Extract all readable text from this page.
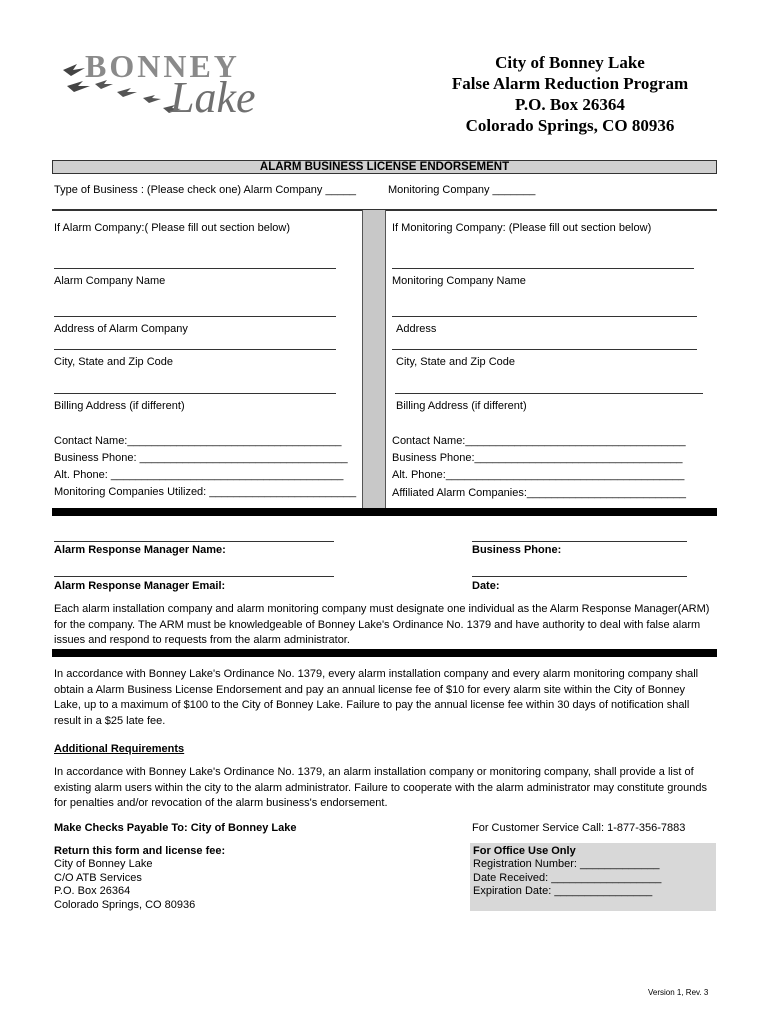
BONNEY
Lake
City of Bonney Lake
False Alarm Reduction Program
P.O. Box 26364
Colorado Springs, CO 80936
ALARM BUSINESS LICENSE ENDORSEMENT
Type of Business : (Please check one) Alarm Company _____	Monitoring Company _______
If Alarm Company:( Please fill out section below)
Alarm Company Name
Address of Alarm Company
City, State and Zip Code
Billing Address (if different)
Contact Name:___________________________________
Business Phone: __________________________________
Alt. Phone: ______________________________________
Monitoring Companies Utilized: ________________________
If Monitoring Company: (Please fill out section below)
Monitoring Company Name
Address
City, State and Zip Code
Billing Address (if different)
Contact Name:____________________________________
Business Phone:__________________________________
Alt. Phone:_______________________________________
Affiliated Alarm Companies:__________________________
Alarm Response Manager Name:	Business Phone:
Alarm Response Manager Email:	Date:
Each alarm installation company and alarm monitoring company must designate one individual as the Alarm Response Manager(ARM) for the company. The ARM must be knowledgeable of Bonney Lake's Ordinance No. 1379 and have authority to deal with false alarm issues and respond to requests from the alarm administrator.
In accordance with Bonney Lake's Ordinance No. 1379, every alarm installation company and every alarm monitoring company shall obtain a Alarm Business License Endorsement and pay an annual license fee of $10 for every alarm site within the City of Bonney Lake, up to a maximum of $100 to the City of Bonney Lake. Failure to pay the annual license fee within 30 days of notification shall result in a $25 late fee.
Additional Requirements
In accordance with Bonney Lake's Ordinance No. 1379, an alarm installation company or monitoring company, shall provide a list of existing alarm users within the city to the alarm administrator. Failure to cooperate with the alarm administrator may constitute grounds for penalties and/or revocation of the alarm business's endorsement.
Make Checks Payable To: City of Bonney Lake	For Customer Service Call: 1-877-356-7883
Return this form and license fee:
City of Bonney Lake
C/O ATB Services
P.O. Box 26364
Colorado Springs, CO 80936
For Office Use Only
Registration Number: _____________
Date Received: __________________
Expiration Date: ________________
Version 1, Rev. 3
